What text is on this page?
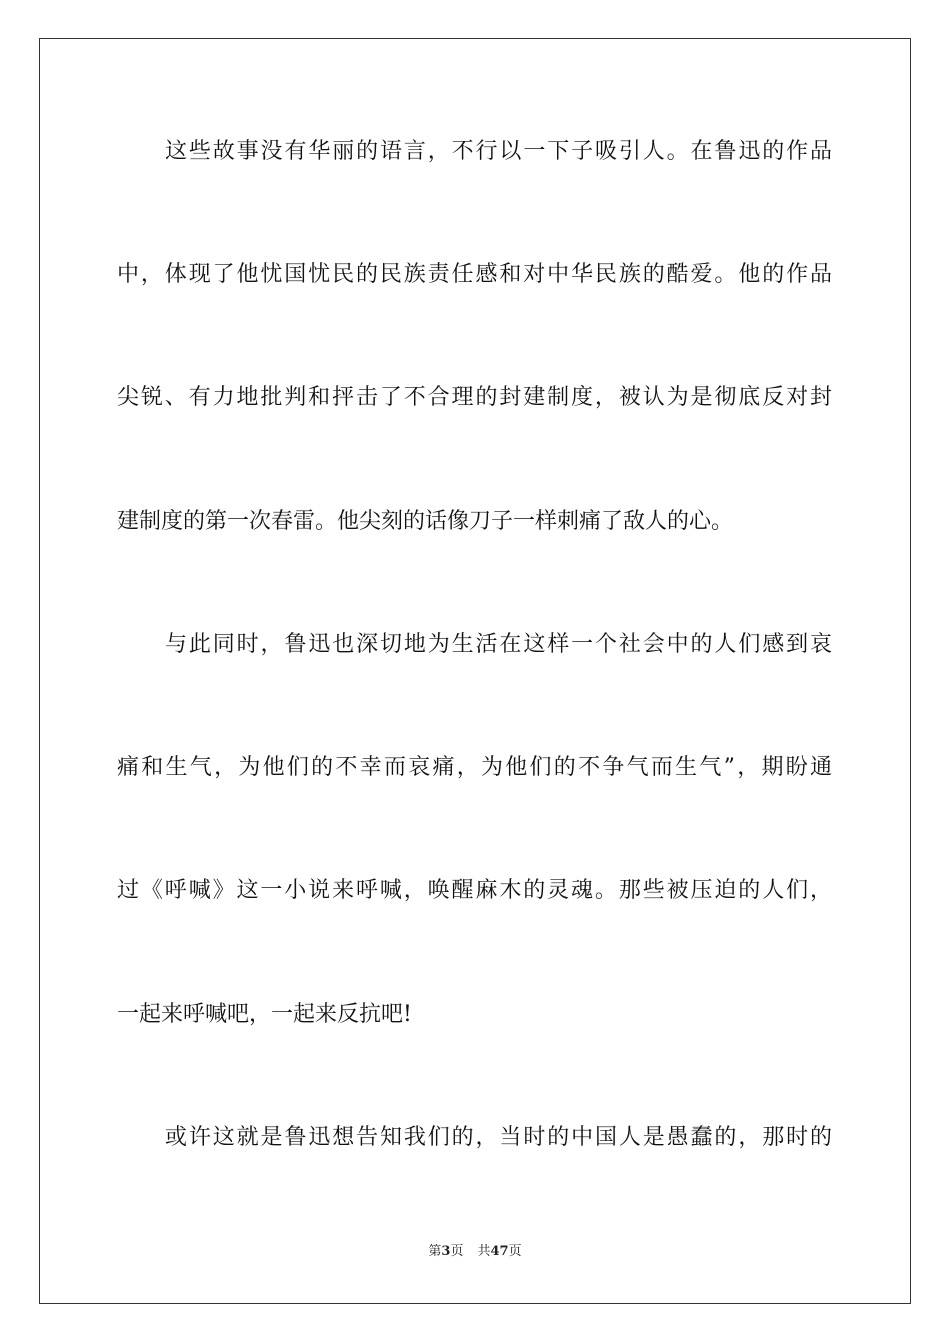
这些故事没有华丽的语言，不行以一下子吸引人。在鲁迅的作品
中，体现了他忧国忧民的民族责任感和对中华民族的酷爱。他的作品
尖锐、有力地批判和抨击了不合理的封建制度，被认为是彻底反对封
建制度的第一次春雷。他尖刻的话像刀子一样刺痛了敌人的心。
与此同时，鲁迅也深切地为生活在这样一个社会中的人们感到哀
痛和生气，为他们的不幸而哀痛，为他们的不争气而生气”，期盼通
过《呼喊》这一小说来呼喊，唤醒麻木的灵魂。那些被压迫的人们，
一起来呼喊吧，一起来反抗吧!
或许这就是鲁迅想告知我们的，当时的中国人是愚蠢的，那时的
第3页 共47页
